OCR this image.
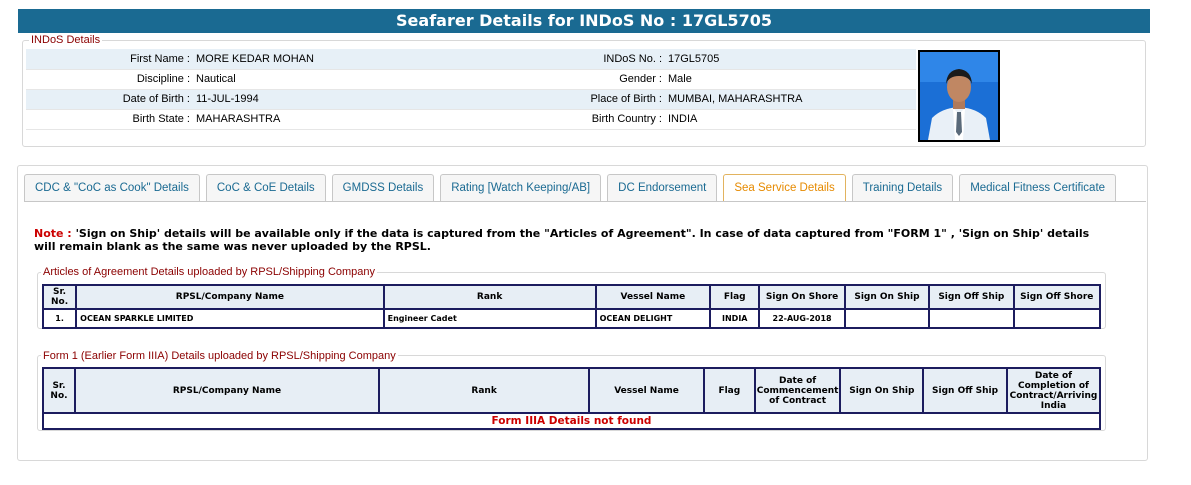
Seafarer Details for INDoS No : 17GL5705
INDoS Details
First Name :	MORE KEDAR MOHAN	INDoS No. :	17GL5705
Discipline :	Nautical	Gender :	Male
Date of Birth :	11-JUL-1994	Place of Birth :	MUMBAI, MAHARASHTRA
Birth State :	MAHARASHTRA	Birth Country :	INDIA
CDC & "CoC as Cook" Details	CoC & CoE Details	GMDSS Details	Rating [Watch Keeping/AB]	DC Endorsement	Sea Service Details	Training Details	Medical Fitness Certificate
Note : 'Sign on Ship' details will be available only if the data is captured from the "Articles of Agreement". In case of data captured from "FORM 1" , 'Sign on Ship' details will remain blank as the same was never uploaded by the RPSL.
Articles of Agreement Details uploaded by RPSL/Shipping Company
Sr. No.	RPSL/Company Name	Rank	Vessel Name	Flag	Sign On Shore	Sign On Ship	Sign Off Ship	Sign Off Shore
1.	OCEAN SPARKLE LIMITED	Engineer Cadet	OCEAN DELIGHT	INDIA	22-AUG-2018			
Form 1 (Earlier Form IIIA) Details uploaded by RPSL/Shipping Company
Sr. No.	RPSL/Company Name	Rank	Vessel Name	Flag	Date of Commencement of Contract	Sign On Ship	Sign Off Ship	Date of Completion of Contract/Arriving India
Form IIIA Details not found
